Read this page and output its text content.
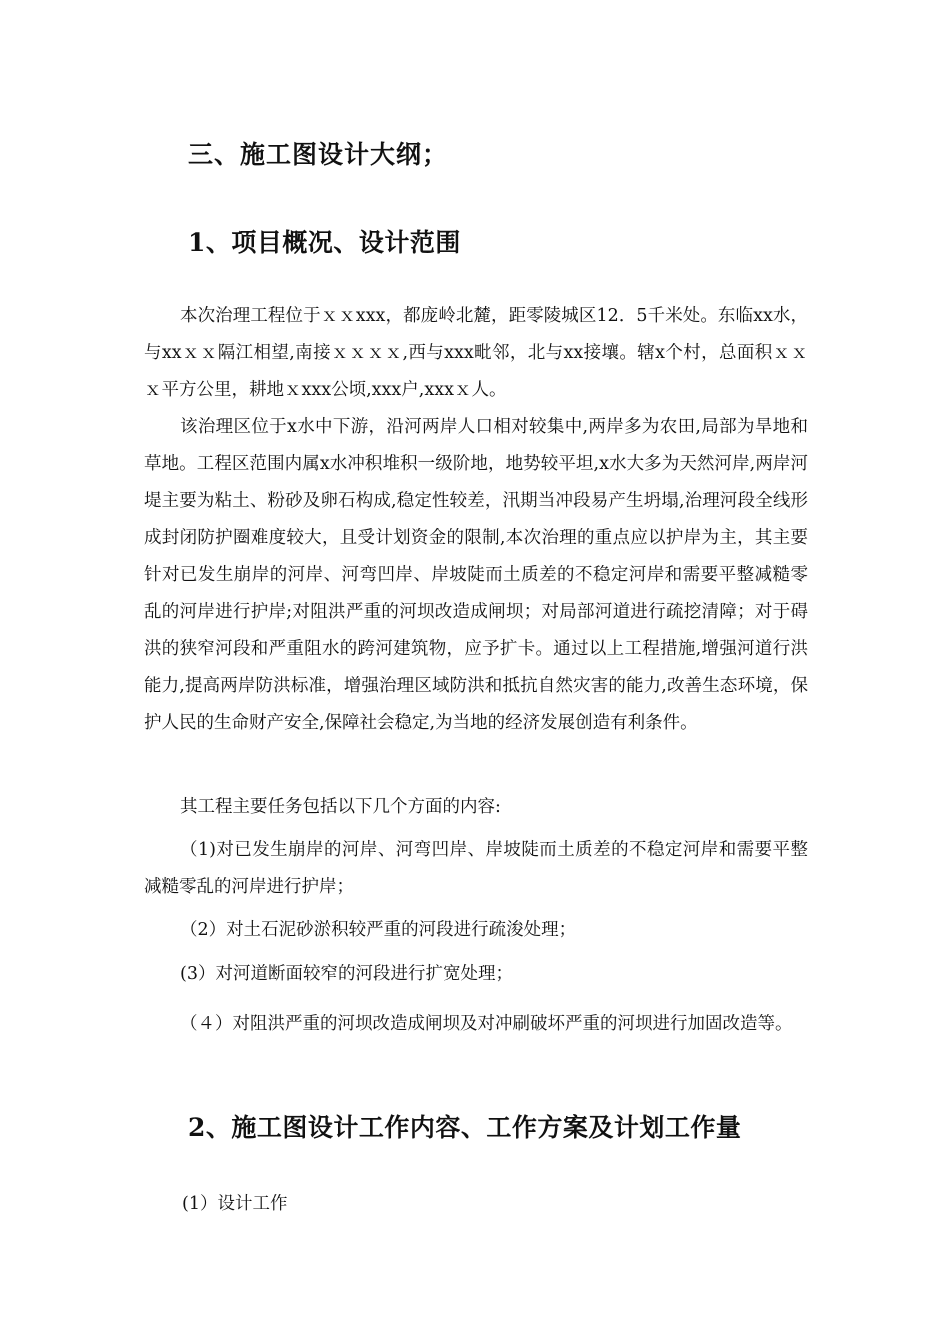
三、施工图设计大纲；
1、项目概况、设计范围

本次治理工程位于ｘｘxxx，都庞岭北麓，距零陵城区12．5千米处。东临xx水，与xxｘｘ隔江相望,南接ｘｘｘｘ,西与xxx毗邻，北与xx接壤。辖x个村，总面积ｘｘｘ平方公里，耕地ｘxxx公顷,xxx户,xxxｘ人。

该治理区位于x水中下游，沿河两岸人口相对较集中,两岸多为农田,局部为旱地和草地。工程区范围内属x水冲积堆积一级阶地，地势较平坦,x水大多为天然河岸,两岸河堤主要为粘土、粉砂及卵石构成,稳定性较差，汛期当冲段易产生坍塌,治理河段全线形成封闭防护圈难度较大，且受计划资金的限制,本次治理的重点应以护岸为主，其主要针对已发生崩岸的河岸、河弯凹岸、岸坡陡而土质差的不稳定河岸和需要平整减糙零乱的河岸进行护岸;对阻洪严重的河坝改造成闸坝；对局部河道进行疏挖清障；对于碍洪的狭窄河段和严重阻水的跨河建筑物，应予扩卡。通过以上工程措施,增强河道行洪能力,提高两岸防洪标准，增强治理区域防洪和抵抗自然灾害的能力,改善生态环境，保护人民的生命财产安全,保障社会稳定,为当地的经济发展创造有利条件。

其工程主要任务包括以下几个方面的内容:

（1)对已发生崩岸的河岸、河弯凹岸、岸坡陡而土质差的不稳定河岸和需要平整减糙零乱的河岸进行护岸；

（2）对土石泥砂淤积较严重的河段进行疏浚处理；

(3）对河道断面较窄的河段进行扩宽处理；

（４）对阻洪严重的河坝改造成闸坝及对冲刷破坏严重的河坝进行加固改造等。

2、施工图设计工作内容、工作方案及计划工作量
(1）设计工作
